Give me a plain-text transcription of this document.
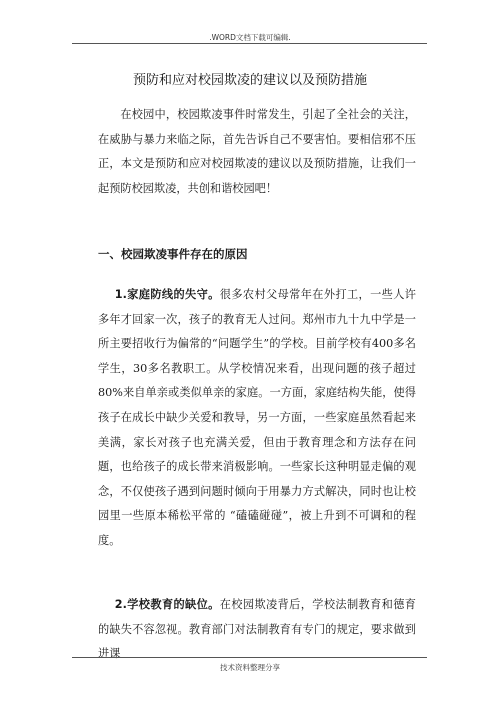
.WORD文档下载可编辑.
预防和应对校园欺凌的建议以及预防措施
在校园中，校园欺凌事件时常发生，引起了全社会的关注，在威胁与暴力来临之际，首先告诉自己不要害怕。要相信邪不压正，本文是预防和应对校园欺凌的建议以及预防措施，让我们一起预防校园欺凌，共创和谐校园吧！
一、校园欺凌事件存在的原因
1.家庭防线的失守。很多农村父母常年在外打工，一些人许多年才回家一次，孩子的教育无人过问。郑州市九十九中学是一所主要招收行为偏常的“问题学生”的学校。目前学校有400多名学生，30多名教职工。从学校情况来看，出现问题的孩子超过 80%来自单亲或类似单亲的家庭。一方面，家庭结构失能，使得孩子在成长中缺少关爱和教导，另一方面，一些家庭虽然看起来美满，家长对孩子也充满关爱，但由于教育理念和方法存在问题，也给孩子的成长带来消极影响。一些家长这种明显走偏的观念，不仅使孩子遇到问题时倾向于用暴力方式解决，同时也让校园里一些原本稀松平常的 “磕磕碰碰”，被上升到不可调和的程度。
2.学校教育的缺位。在校园欺凌背后，学校法制教育和德育的缺失不容忽视。教育部门对法制教育有专门的规定，要求做到进课
技术资料整理分享
